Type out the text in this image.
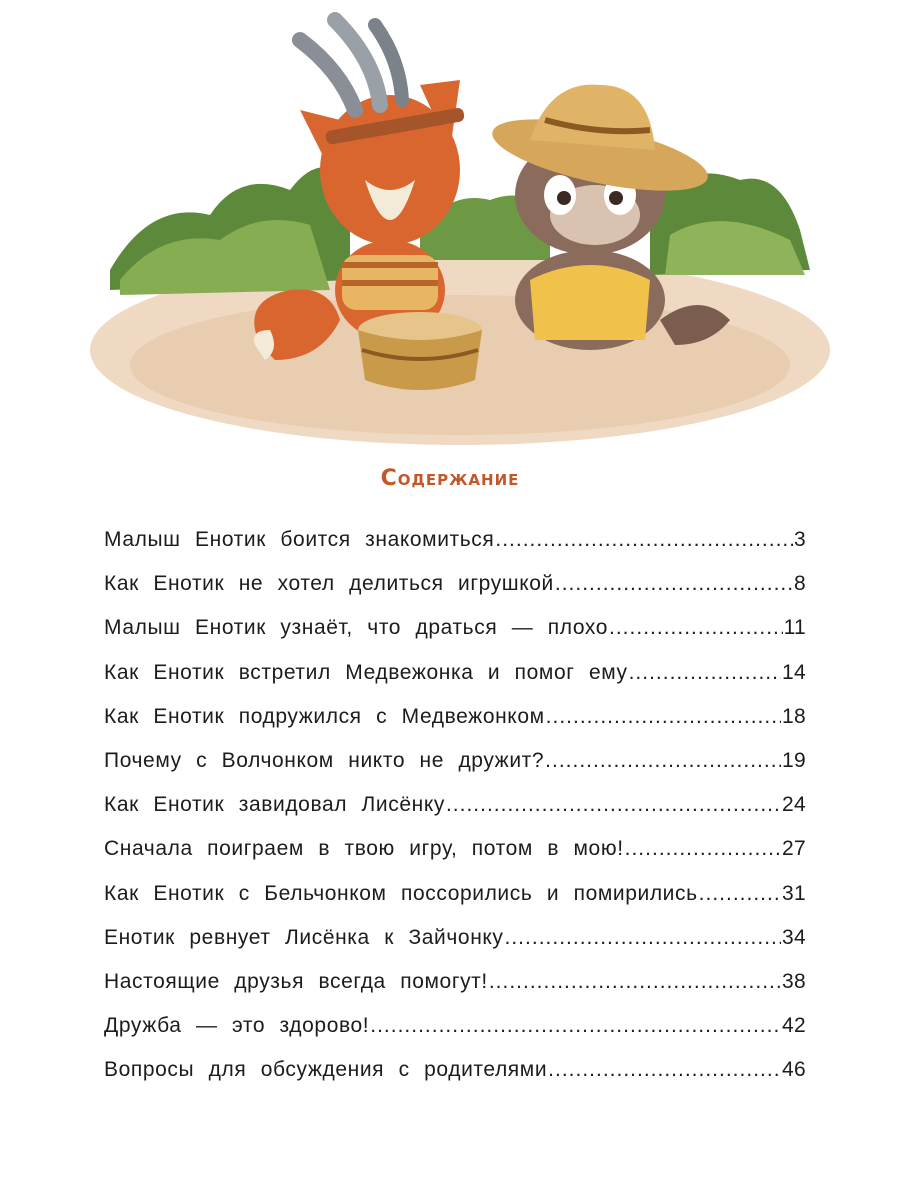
Содержание
Малыш Енотик боится знакомиться .....	3
Как Енотик не хотел делиться игрушкой .....	8
Малыш Енотик узнаёт, что драться — плохо .....	11
Как Енотик встретил Медвежонка и помог ему .....	14
Как Енотик подружился с Медвежонком .....	18
Почему с Волчонком никто не дружит? .....	19
Как Енотик завидовал Лисёнку .....	24
Сначала поиграем в твою игру, потом в мою! .....	27
Как Енотик с Бельчонком поссорились и помирились .....	31
Енотик ревнует Лисёнка к Зайчонку .....	34
Настоящие друзья всегда помогут! .....	38
Дружба — это здорово! .....	42
Вопросы для обсуждения с родителями .....	46
